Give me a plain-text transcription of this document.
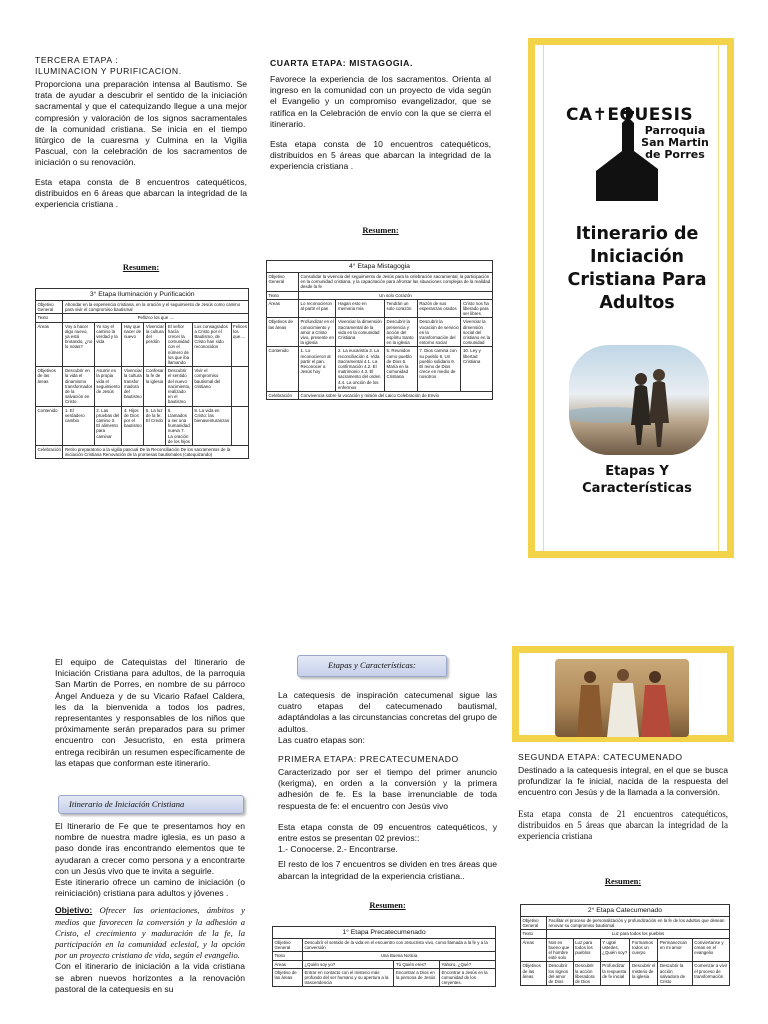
TERCERA ETAPA :

ILUMINACION Y PURIFICACION.

Proporciona una preparación intensa al Bautismo. Se trata de ayudar a descubrir el sentido de la iniciación sacramental y que el catequizando llegue a una mejor compresión y valoración de los signos sacramentales de la comunidad cristiana. Se inicia en el tiempo litúrgico de la cuaresma y Culmina en la Vigilia Pascual, con la celebración de los sacramentos de iniciación o su renovación.

Esta etapa consta de 8 encuentros catequéticos, distribuidos en 6 áreas que abarcan la integridad de la experiencia cristiana .

Resumen:
3° Etapa Iluminación y Purificación							
Objetivo General	Ahondar en la experiencia cristiana, en la oración y el seguimiento de Jesús como camino para vivir el compromiso bautismal						
Texto	Pellizco los que ....						
Áreas	Voy a hacer algo nuevo, ya está brotando, ¿no lo notas?	Yo soy el camino la verdad y la vida	Hay que nacer de nuevo	Vivenciar la cultura del perdón	El señor hacía crecer la comunidad con el número de los que iba llamando	Los consagrados a Cristo por el Bautismo, de Cristo han sido reconocidos	Felices los que....
Objetivos de las áreas	Descubrir en la vida el dinamismo transformador de la salvación en Cristo	Asumir en la propia vida el seguimiento de Jesús	Vivenciar la cultura transfor madora del bautismo	Confesar la fe de la iglesia	Descubrir el sentido del nuevo nacimiento, realizado en el bautismo	Vivir el compromiso bautismal del cristiano	
Contenido	1. El verdadero cambio	2. Las pruebas del camino 3. El alimento para caminar	4. Hijos de Dios por el bautismo	5. La luz de la fe: El Credo	6. Llamados a ser una humanidad nueva 7. La oración de los hijos	8. La vida en Cristo: las bienaventuranzas	
Celebración	Retiro preparatorio a la vigilia pascual De la Reconciliación De los sacramentos de la iniciación Cristiana Renovación de la promesas bautismales (catequizando)						

CUARTA ETAPA: MISTAGOGIA.

Favorece la experiencia de los sacramentos. Orienta al ingreso en la comunidad con un proyecto de vida según el Evangelio y un compromiso evangelizador, que se ratifica en la Celebración de envío con la que se cierra el itinerario.

Esta etapa consta de 10 encuentros catequéticos, distribuidos en 5 áreas que abarcan la integridad de la experiencia cristiana .

Resumen:
4° Etapa Mistagogia					
Objetivo General	Consolidar la vivencia del seguimiento de Jesús para la celebración sacramental, la participación en la comunidad cristiana, y la capacitación para afrontar las situaciones complejas de la realidad desde la fe				
Texto	Un solo Corazón				
Áreas	Lo reconocieron al partir el pan	Hagan esto en memoria mía	Tendrán un solo corazón	Razón de sus esperanzas orados	Cristo nos ha liberado para ser libres
Objetivos de las áreas	Profundizar en el conocimiento y amor a Cristo vivo, presente en la iglesia	Vivenciar la dimensión Sacramental de la vida en la comunidad Cristiana	Descubrir la presencia y acción del espíritu Santo en la iglesia	Descubrir la vocación de servicio en la transformación del entorno social	Vivenciar la dimensión social del cristiano en la comunidad
Contenido	1. Lo reconocieron al partir el pan. Reconocer a Jesús hoy	2. La eucaristía 3. La reconciliación 4. Vida Sacramental 4.1. La confirmación 4.2. El matrimonio 4.3. El sacramento del orden 4.4. La unción de los enfermos	5. Reunidos como pueblo de Dios 6. María en la comunidad Cristiana	7. Dios camina con su pueblo 8. Un pueblo solidario 9. El reino de Dios crece en medio de nosotros	10. Ley y libertad Cristiana
Celebración	Convivencia sobre la vocación y misión del Laico Celebración de Envío				
CA✝EQUESIS
Parroquia
San Martin
de Porres
Itinerario de Iniciación Cristiana Para Adultos
Etapas Y Características

El equipo de Catequistas del Itinerario de Iniciación Cristiana para adultos, de la parroquia San Martin de Porres, en nombre de su párroco Ángel Andueza y de su Vicario Rafael Caldera, les da la bienvenida a todos los padres, representantes y responsables de los niños que próximamente serán preparados para su primer encuentro con Jesucristo, en esta primera entrega recibirán un resumen específicamente de las etapas que conforman este itinerario.

Itinerario de Iniciación Cristiana

El Itinerario de Fe que te presentamos hoy en nombre de nuestra madre iglesia, es un paso a paso donde iras encontrando elementos que te ayudaran a crecer como persona y a encontrarte con un Jesús vivo que te invita a seguirle.

Este itinerario ofrece un camino de iniciación (o reiniciación) cristiana para adultos y jóvenes .

Objetivo: Ofrecer las orientaciones, ámbitos y medios que favorecen la conversión y la adhesión a Cristo, el crecimiento y maduración de la fe, la participación en la comunidad eclesial, y la opción por un proyecto cristiano de vida, según el evangelio.

Con el itinerario de iniciación a la vida cristiana se abren nuevos horizontes a la renovación pastoral de la catequesis en su

Etapas y Características:

La catequesis de inspiración catecumenal sigue las cuatro etapas del catecumenado bautismal, adaptándolas a las circunstancias concretas del grupo de adultos.

Las cuatro etapas son:

PRIMERA ETAPA: PRECATECUMENADO

Caracterizado por ser el tiempo del primer anuncio (kerigma), en orden a la conversión y la primera adhesión de fe. Es la base irrenunciable de toda respuesta de fe: el encuentro con Jesús vivo

Esta etapa consta de 09 encuentros catequéticos, y entre estos se presentan 02 previos::

1.- Conocerse. 2.- Encontrarse.

El resto de los 7 encuentros se dividen en tres áreas que abarcan la integridad de la experiencia cristiana..

Resumen:
1° Etapa Precatecumenado			
Objetivo General	Descubrir el sentido de la vida en el encuentro con Jesucristo vivo, como llamada a la fe y a la conversión		
Texto	Una Buena Noticia		
Áreas	¿Quién soy yo?	Tú Quién eres?	Yahoro, ¿Qué?
Objetivo de las áreas	Entrar en contacto con el misterio más profundo del ser humano y su apertura a la trascendencia	Encontrar a Dios en la persona de Jesús	Encontrar a Jesús en la comunidad de los creyentes.

SEGUNDA ETAPA: CATECUMENADO

Destinado a la catequesis integral, en el que se busca profundizar la fe inicial, nacida de la respuesta del encuentro con Jesús y de la llamada a la conversión.

Esta etapa consta de 21 encuentros catequéticos, distribuidos en 5 áreas que abarcan la integridad de la experiencia cristiana

Resumen:
2° Etapa Catecumenado						
Objetivo General	Facilitar el proceso de personalización y profundización en la fe de los adultos que desean renovar su compromiso bautismal					
Texto	Luz para todos los pueblos					
Áreas	Nos es bueno que el hombre esté solo	Luz para todos los pueblos	Y ugüé ustedes, ¿Quién soy?	Formamos todos un cuerpo	Permanezcan en mi amor	Conviertanse y crean en el evangelio
Objetivos de las áreas	Descubrir los signos del amor de Dios	Descubrir la acción liberadora de Dios	Profundizar la respuesta de fe inicial	Descubrir el misterio de la iglesia	Descubrir la acción salvadora de Cristo	Comenzar a vivir el proceso de transformación
